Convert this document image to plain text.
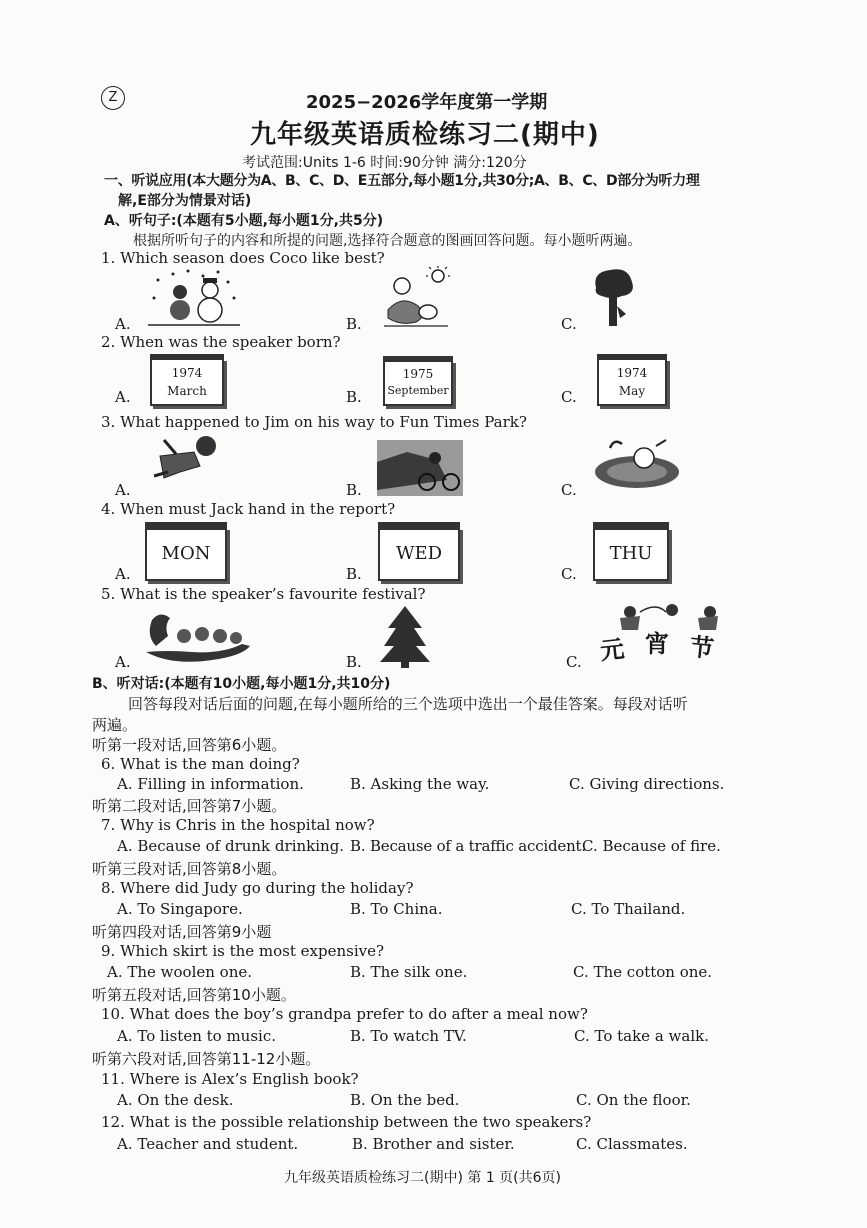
Z	2025−2026学年度第一学期
九年级英语质检练习二(期中)
考试范围:Units 1-6 时间:90分钟 满分:120分
一、听说应用(本大题分为A、B、C、D、E五部分,每小题1分,共30分;A、B、C、D部分为听力理
解,E部分为情景对话)
A、听句子:(本题有5小题,每小题1分,共5分)
根据所听句子的内容和所提的问题,选择符合题意的图画回答问题。每小题听两遍。
1. Which season does Coco like best?
A.	B.	C.
2. When was the speaker born?
A.	B.	C.
1974
March
1975
September
1974
May
3. What happened to Jim on his way to Fun Times Park?
A.	B.	C.
4. When must Jack hand in the report?
A.	B.	C.
MON	WED	THU
5. What is the speaker’s favourite festival?
A.	B.	C. 元 宵 节
B、听对话:(本题有10小题,每小题1分,共10分)
回答每段对话后面的问题,在每小题所给的三个选项中选出一个最佳答案。每段对话听
两遍。
听第一段对话,回答第6小题。
6. What is the man doing?
A. Filling in information.	B. Asking the way.	C. Giving directions.
听第二段对话,回答第7小题。
7. Why is Chris in the hospital now?
A. Because of drunk drinking. B. Because of a traffic accident.
C. Because of fire.
听第三段对话,回答第8小题。
8. Where did Judy go during the holiday?
A. To Singapore.	B. To China.	C. To Thailand.
听第四段对话,回答第9小题
9. Which skirt is the most expensive?
A. The woolen one.	B. The silk one.	C. The cotton one.
听第五段对话,回答第10小题。
10. What does the boy’s grandpa prefer to do after a meal now?
A. To listen to music.	B. To watch TV.	C. To take a walk.
听第六段对话,回答第11-12小题。
11. Where is Alex’s English book?
A. On the desk.	B. On the bed.	C. On the floor.
12. What is the possible relationship between the two speakers?
A. Teacher and student.	B. Brother and sister.	C. Classmates.
九年级英语质检练习二(期中) 第 1 页(共6页)
